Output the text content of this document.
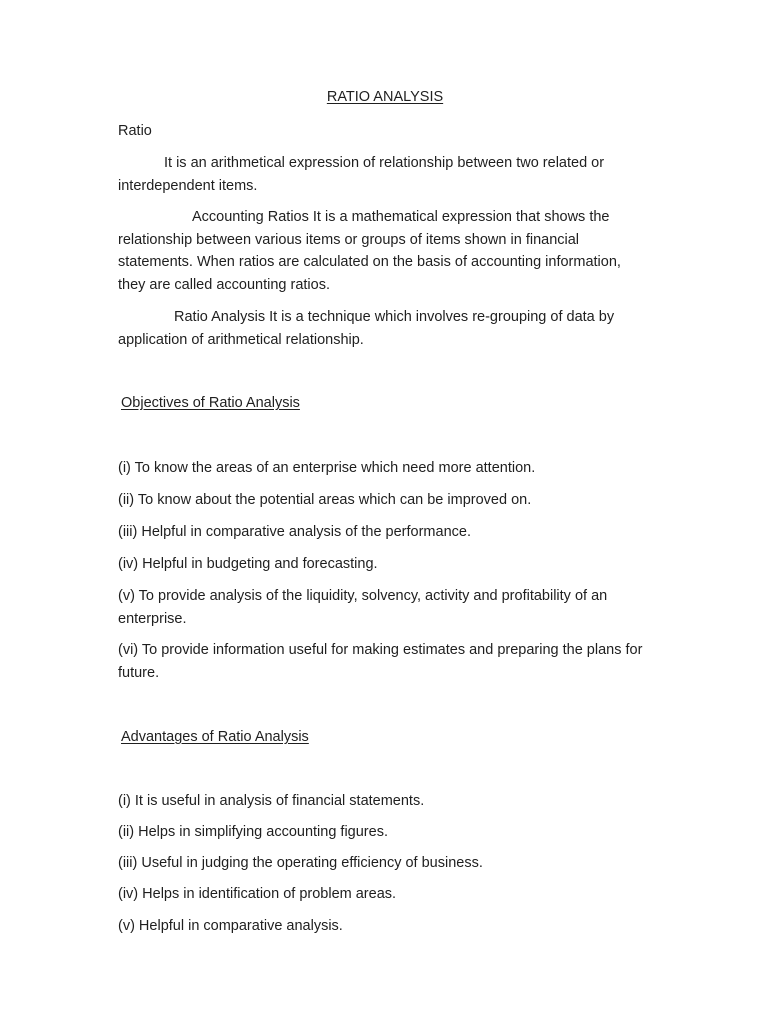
RATIO ANALYSIS

Ratio

It is an arithmetical expression of relationship between two related or interdependent items.

Accounting Ratios It is a mathematical expression that shows the relationship between various items or groups of items shown in financial statements. When ratios are calculated on the basis of accounting information, they are called accounting ratios.

Ratio Analysis It is a technique which involves re-grouping of data by application of arithmetical relationship.

Objectives of Ratio Analysis

(i) To know the areas of an enterprise which need more attention.

(ii) To know about the potential areas which can be improved on.

(iii) Helpful in comparative analysis of the performance.

(iv) Helpful in budgeting and forecasting.

(v) To provide analysis of the liquidity, solvency, activity and profitability of an enterprise.

(vi) To provide information useful for making estimates and preparing the plans for future.

Advantages of Ratio Analysis

(i) It is useful in analysis of financial statements.

(ii) Helps in simplifying accounting figures.

(iii) Useful in judging the operating efficiency of business.

(iv) Helps in identification of problem areas.

(v) Helpful in comparative analysis.
